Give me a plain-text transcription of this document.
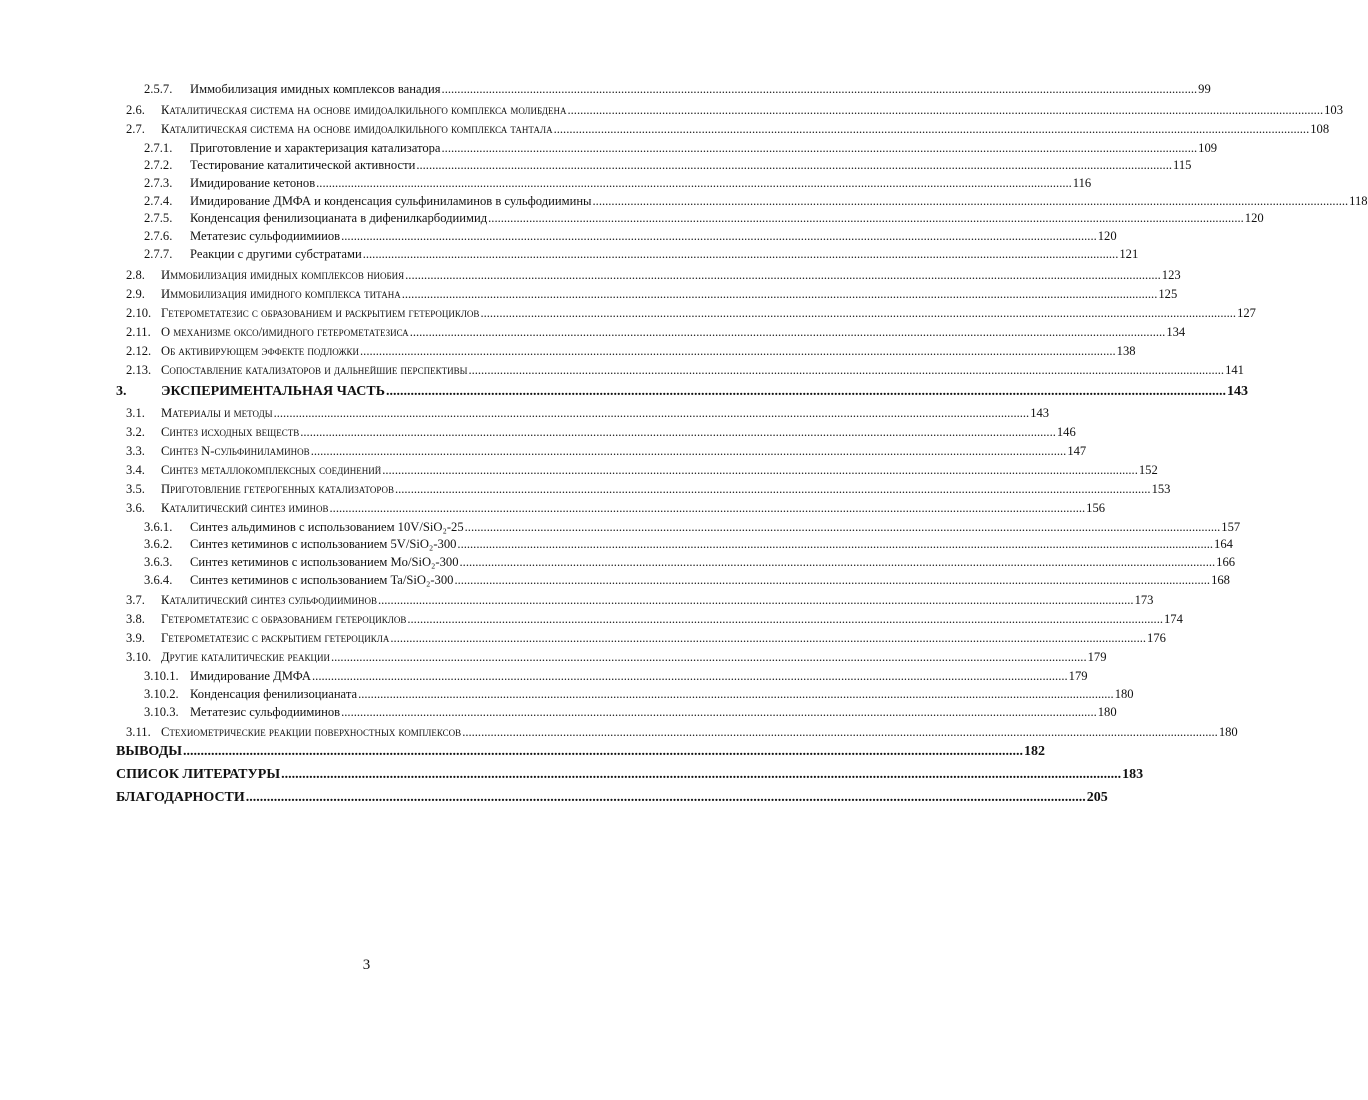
2.5.7.	Иммобилизация имидных комплексов ванадия .....	99
2.6.	Каталитическая система на основе имидоалкильного комплекса молибдена .....	103
2.7.	Каталитическая система на основе имидоалкильного комплекса тантала .....	108
2.7.1.	Приготовление и характеризация катализатора .....	109
2.7.2.	Тестирование каталитической активности .....	115
2.7.3.	Имидирование кетонов .....	116
2.7.4.	Имидирование ДМФА и конденсация сульфиниламинов в сульфодиимины .....	118
2.7.5.	Конденсация фенилизоцианата в дифенилкарбодиимид .....	120
2.7.6.	Метатезис сульфодиимииов .....	120
2.7.7.	Реакции с другими субстратами .....	121
2.8.	Иммобилизация имидных комплексов ниобия .....	123
2.9.	Иммобилизация имидного комплекса титана .....	125
2.10. Гетерометатезис с образованием и раскрытием гетероциклов .....	127
2.11. О механизме оксо/имидного гетерометатезиса .....	134
2.12. Об активирующем эффекте подложки .....	138
2.13. Сопоставление катализаторов и дальнейшие перспективы .....	141
3.	ЭКСПЕРИМЕНТАЛЬНАЯ ЧАСТЬ .....	143
3.1.	Материалы и методы .....	143
3.2.	Синтез исходных веществ .....	146
3.3.	Синтез N-сульфиниламинов .....	147
3.4.	Синтез металлокомплексных соединений .....	152
3.5.	Приготовление гетерогенных катализаторов .....	153
3.6.	Каталитический синтез иминов .....	156
3.6.1.	Синтез альдиминов с использованием 10V/SiO₂-25 .....	157
3.6.2.	Синтез кетиминов с использованием 5V/SiO₂-300 .....	164
3.6.3.	Синтез кетиминов с использованием Mo/SiO₂-300 .....	166
3.6.4.	Синтез кетиминов с использованием Ta/SiO₂-300 .....	168
3.7.	Каталитический синтез сульфодииминов .....	173
3.8.	Гетерометатезис с образованием гетероциклов .....	174
3.9.	Гетерометатезис с раскрытием гетероцикла .....	176
3.10. Другие каталитические реакции .....	179
3.10.1. Имидирование ДМФА .....	179
3.10.2. Конденсация фенилизоцианата .....	180
3.10.3. Метатезис сульфодииминов .....	180
3.11. Стехиометрические реакции поверхностных комплексов .....	180
ВЫВОДЫ .....	182
СПИСОК ЛИТЕРАТУРЫ .....	183
БЛАГОДАРНОСТИ .....	205
3
